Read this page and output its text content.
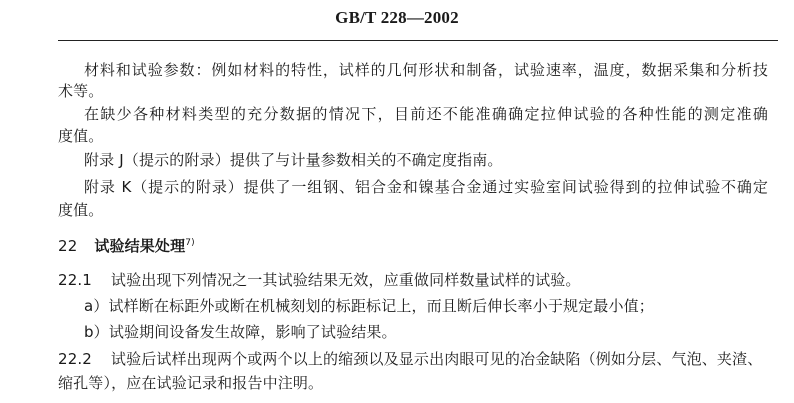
GB/T 228—2002
材料和试验参数：例如材料的特性，试样的几何形状和制备，试验速率，温度，数据采集和分析技
术等。
在缺少各种材料类型的充分数据的情况下，目前还不能准确确定拉伸试验的各种性能的测定准确
度值。
附录 J（提示的附录）提供了与计量参数相关的不确定度指南。
附录 K（提示的附录）提供了一组钢、铝合金和镍基合金通过实验室间试验得到的拉伸试验不确定
度值。
22 试验结果处理$^{7)}$
22.1 试验出现下列情况之一其试验结果无效，应重做同样数量试样的试验。
a）试样断在标距外或断在机械刻划的标距标记上，而且断后伸长率小于规定最小值；
b）试验期间设备发生故障，影响了试验结果。
22.2 试验后试样出现两个或两个以上的缩颈以及显示出肉眼可见的冶金缺陷（例如分层、气泡、夹渣、
缩孔等），应在试验记录和报告中注明。
